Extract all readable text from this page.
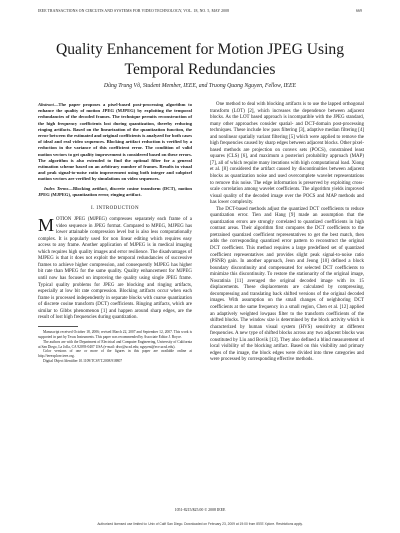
IEEE TRANSACTIONS ON CIRCUITS AND SYSTEMS FOR VIDEO TECHNOLOGY, VOL. 18, NO. 5, MAY 2008	669
Quality Enhancement for Motion JPEG Using Temporal Redundancies
Dũng Trung Võ, Student Member, IEEE, and Truong Quang Nguyen, Fellow, IEEE

Abstract—The paper proposes a pixel-based post-processing algorithm to enhance the quality of motion JPEG (MJPEG) by exploiting the temporal redundancies of the decoded frames. The technique permits reconstruction of the high frequency coefficients lost during quantization, thereby reducing ringing artifacts. Based on the linearization of the quantization function, the error between the estimated and original coefficients is analyzed for both cases of ideal and real video sequences. Blocking artifact reduction is verified by a reduction in the variance of this coefficient error. The condition of valid motion vectors to get quality improvement is considered based on these errors. The algorithm is also extended to find the optimal filter for a general estimation scheme based on an arbitrary number of frames. Results in visual and peak signal-to-noise ratio improvement using both integer and subpixel motion vectors are verified by simulations on video sequences.

Index Terms—Blocking artifact, discrete cosine transform (DCT), motion JPEG (MJPEG), quantization error, ringing artifact.

I. INTRODUCTION

MOTION JPEG (MJPEG) compresses separately each frame of a video sequence in JPEG format. Compared to MPEG, MJPEG has lower attainable compression level but is also less computationally complex. It is popularly used for non linear editing which requires easy access to any frame. Another application of MJPEG is in medical imaging which requires high quality images and error resilience. The disadvantages of MJPEG is that it does not exploit the temporal redundancies of successive frames to achieve higher compression, and consequently MJPEG has higher bit rate than MPEG for the same quality. Quality enhancement for MJPEG until now has focused on improving the quality using single JPEG frame. Typical quality problems for JPEG are blocking and ringing artifacts, especially at low bit rate compression. Blocking artifacts occur when each frame is processed independently in separate blocks with coarse quantization of discrete cosine transform (DCT) coefficients. Ringing artifacts, which are similar to Gibbs phenomenon [1] and happen around sharp edges, are the result of lost high frequencies during quantization.

Manuscript received October 18, 2006; revised March 22, 2007 and September 12, 2007. This work is supported in part by Texas Instruments. This paper was recommended by Associate Editor J. Boyce.

The authors are with the Department of Electrical and Computer Engineering, University of California at San Diego, La Jolla, CA 92093-0407 USA (e-mail: dtvo@ucsd.edu; nguyent@ece.ucsd.edu).

Color versions of one or more of the figures in this paper are available online at http://ieeexplore.ieee.org.

Digital Object Identifier 10.1109/TCSVT.2008.918807

One method to deal with blocking artifacts is to use the lapped orthogonal transform (LOT) [2], which increases the dependence between adjacent blocks. As the LOT based approach is incompatible with the JPEG standard, many other approaches consider spatial- and DCT-domain post-processing techniques. These include low pass filtering [3], adaptive median filtering [4] and nonlinear spatially variant filtering [5] which were applied to remove the high frequencies caused by sharp edges between adjacent blocks. Other pixel-based methods are projection on convex sets (POCS), constrained least squares (CLS) [6], and maximum a posteriori probability approach (MAP) [7], all of which require many iterations with high computational load. Xiong et al. [8] considered the artifact caused by discontinuities between adjacent blocks as quantization noise and used overcomplete wavelet representations to remove this noise. The edge information is preserved by exploiting cross-scale correlation among wavelet coefficients. The algorithm yields improved visual quality of the decoded image over the POCS and MAP methods and has lower complexity.

The DCT-based methods adjust the quantized DCT coefficients to reduce quantization error. Tien and Hang [9] made an assumption that the quantization errors are strongly correlated to quantized coefficients in high contrast areas. Their algorithm first compares the DCT coefficients to the pretrained quantized coefficient representatives to get the best match, then adds the corresponding quantized error pattern to reconstruct the original DCT coefficient. This method requires a large predefined set of quantized coefficient representatives and provides slight peak signal-to-noise ratio (PSNR) gain. In another approach, Jeon and Jeong [10] defined a block boundary discontinuity and compensated for selected DCT coefficients to minimize this discontinuity. To restore the stationarity of the original image, Nosratinia [11] averaged the original decoded image with its 15 displacements. These displacements are calculated by compressing, decompressing and translating back shifted versions of the original decoded images. With assumption on the small changes of neighboring DCT coefficients at the same frequency in a small region, Chen et al. [12] applied an adaptively weighted lowpass filter to the transform coefficients of the shifted blocks. The window size is determined by the block activity which is characterized by human visual system (HVS) sensitivity at different frequencies. A new type of shifted blocks across any two adjacent blocks was constituted by Liu and Bovik [13]. They also defined a blind measurement of local visibility of the blocking artifact. Based on this visibility and primary edges of the image, the block edges were divided into three categories and were processed by corresponding effective methods.

1051-8215/$25.00 © 2008 IEEE
Authorized licensed use limited to: Univ of Calif San Diego. Downloaded on February 23, 2009 at 19:00 from IEEE Xplore. Restrictions apply.
